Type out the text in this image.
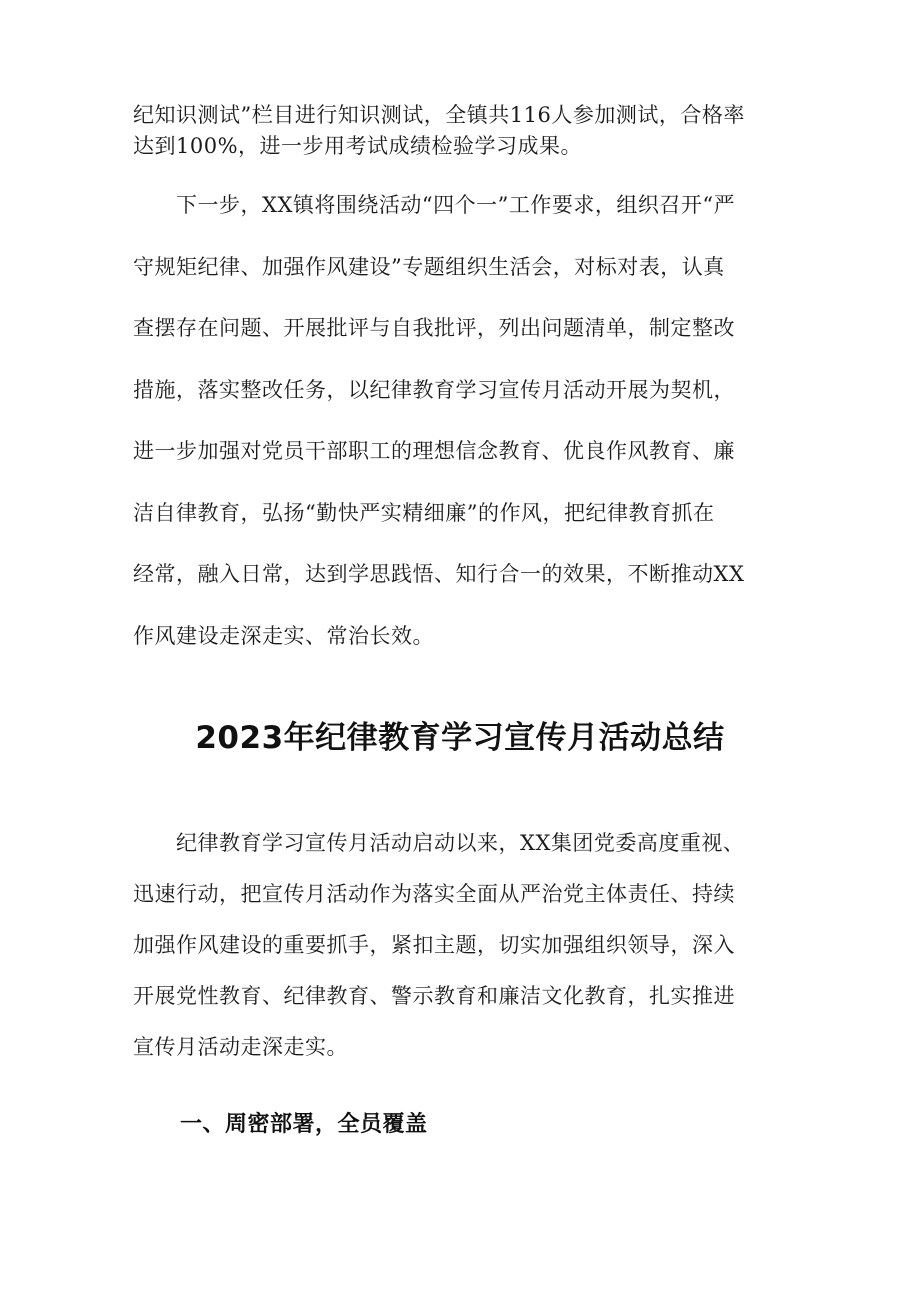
纪知识测试”栏目进行知识测试，全镇共116人参加测试，合格率
达到100%，进一步用考试成绩检验学习成果。

　　下一步，XX镇将围绕活动“四个一”工作要求，组织召开“严
守规矩纪律、加强作风建设”专题组织生活会，对标对表，认真
查摆存在问题、开展批评与自我批评，列出问题清单，制定整改
措施，落实整改任务，以纪律教育学习宣传月活动开展为契机，
进一步加强对党员干部职工的理想信念教育、优良作风教育、廉
洁自律教育，弘扬“勤快严实精细廉”的作风，把纪律教育抓在
经常，融入日常，达到学思践悟、知行合一的效果，不断推动XX
作风建设走深走实、常治长效。

2023年纪律教育学习宣传月活动总结

　　纪律教育学习宣传月活动启动以来，XX集团党委高度重视、
迅速行动，把宣传月活动作为落实全面从严治党主体责任、持续
加强作风建设的重要抓手，紧扣主题，切实加强组织领导，深入
开展党性教育、纪律教育、警示教育和廉洁文化教育，扎实推进
宣传月活动走深走实。

一、周密部署，全员覆盖
